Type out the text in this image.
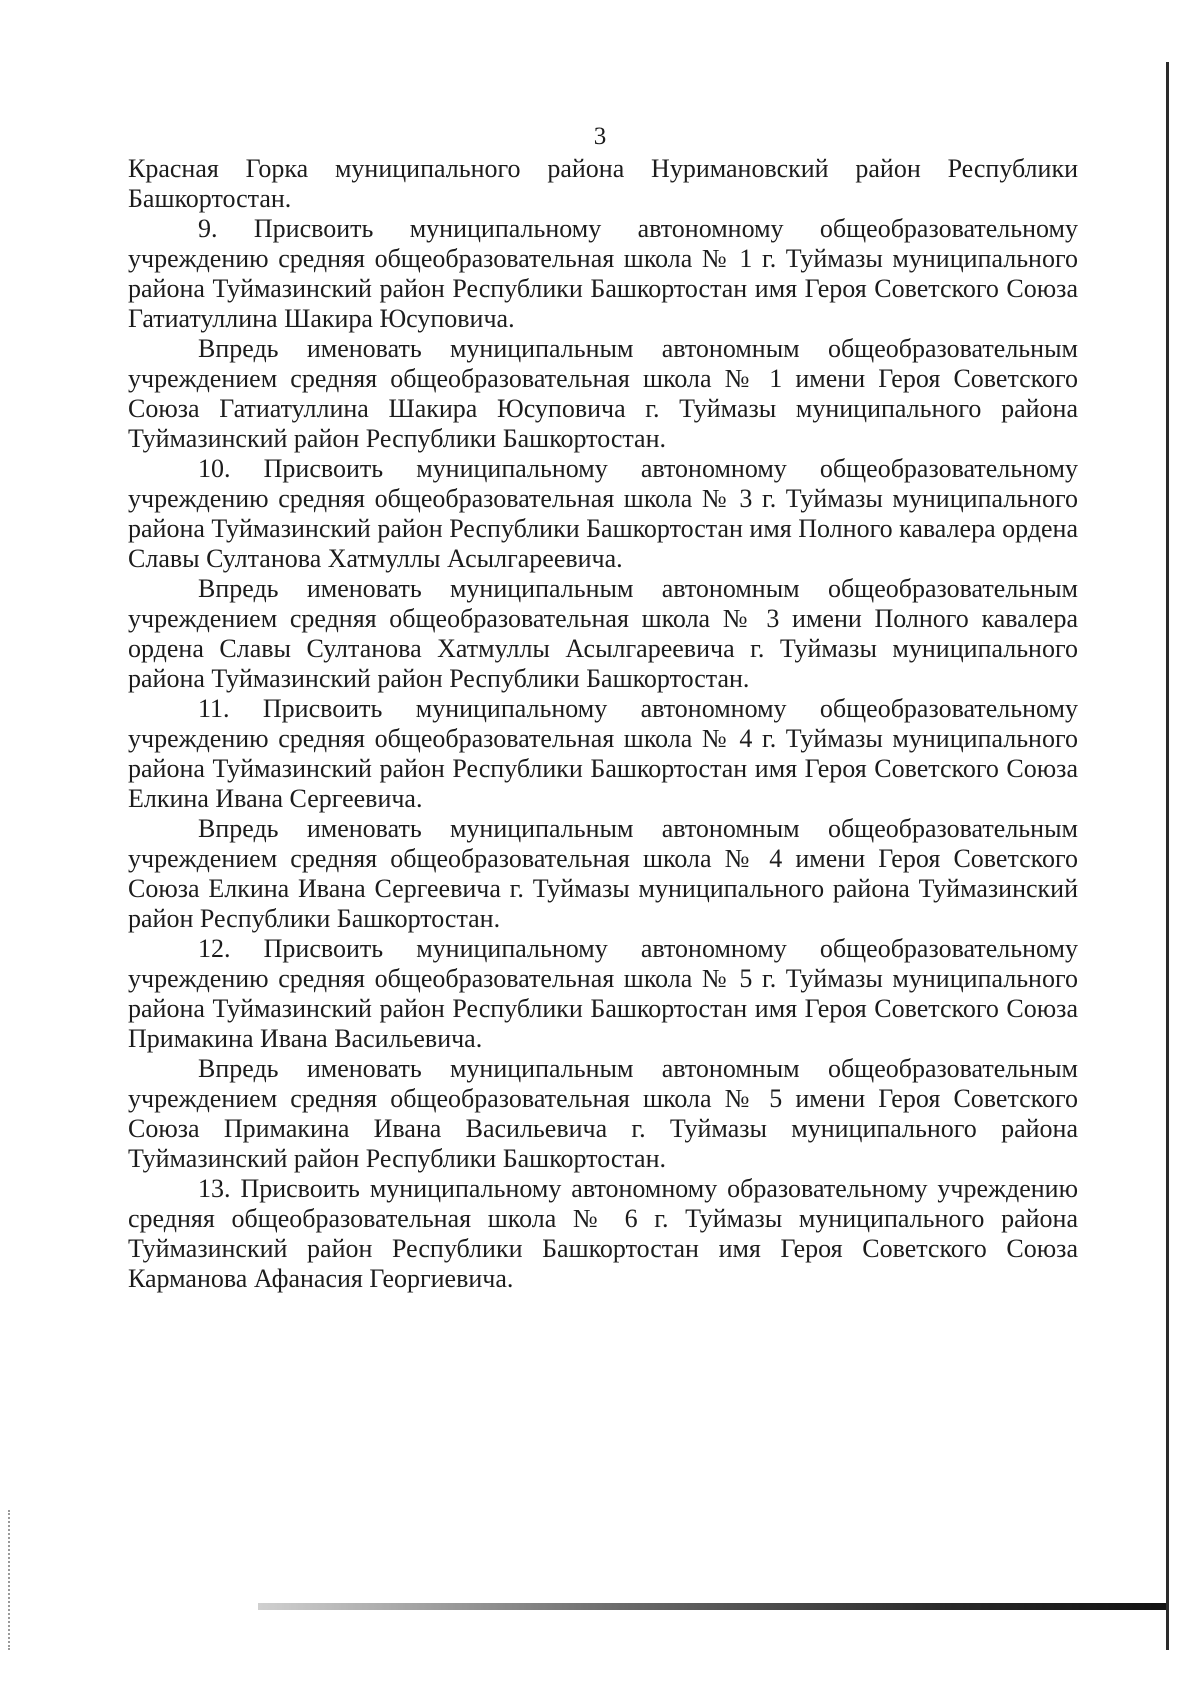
3

Красная Горка муниципального района Нуримановский район Республики Башкортостан.

9. Присвоить муниципальному автономному общеобразовательному учреждению средняя общеобразовательная школа № 1 г. Туймазы муниципального района Туймазинский район Республики Башкортостан имя Героя Советского Союза Гатиатуллина Шакира Юсуповича.

Впредь именовать муниципальным автономным общеобразовательным учреждением средняя общеобразовательная школа № 1 имени Героя Советского Союза Гатиатуллина Шакира Юсуповича г. Туймазы муниципального района Туймазинский район Республики Башкортостан.

10. Присвоить муниципальному автономному общеобразовательному учреждению средняя общеобразовательная школа № 3 г. Туймазы муниципального района Туймазинский район Республики Башкортостан имя Полного кавалера ордена Славы Султанова Хатмуллы Асылгареевича.

Впредь именовать муниципальным автономным общеобразовательным учреждением средняя общеобразовательная школа № 3 имени Полного кавалера ордена Славы Султанова Хатмуллы Асылгареевича г. Туймазы муниципального района Туймазинский район Республики Башкортостан.

11. Присвоить муниципальному автономному общеобразовательному учреждению средняя общеобразовательная школа № 4 г. Туймазы муниципального района Туймазинский район Республики Башкортостан имя Героя Советского Союза Елкина Ивана Сергеевича.

Впредь именовать муниципальным автономным общеобразовательным учреждением средняя общеобразовательная школа № 4 имени Героя Советского Союза Елкина Ивана Сергеевича г. Туймазы муниципального района Туймазинский район Республики Башкортостан.

12. Присвоить муниципальному автономному общеобразовательному учреждению средняя общеобразовательная школа № 5 г. Туймазы муниципального района Туймазинский район Республики Башкортостан имя Героя Советского Союза Примакина Ивана Васильевича.

Впредь именовать муниципальным автономным общеобразовательным учреждением средняя общеобразовательная школа № 5 имени Героя Советского Союза Примакина Ивана Васильевича г. Туймазы муниципального района Туймазинский район Республики Башкортостан.

13. Присвоить муниципальному автономному образовательному учреждению средняя общеобразовательная школа № 6 г. Туймазы муниципального района Туймазинский район Республики Башкортостан имя Героя Советского Союза Карманова Афанасия Георгиевича.
